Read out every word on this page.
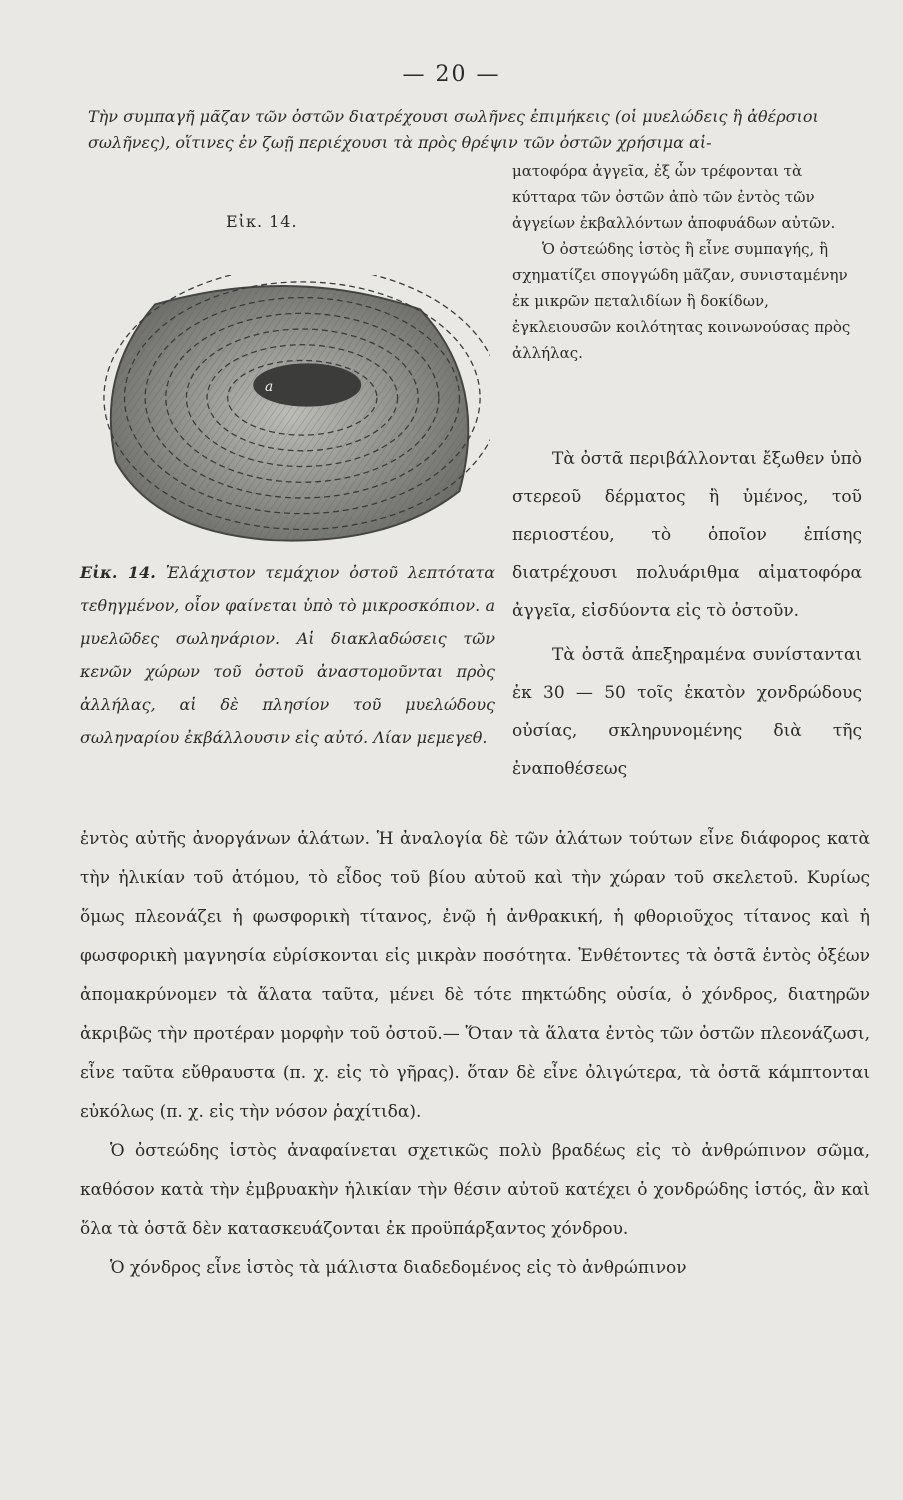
— 20 —
Τὴν συμπαγῆ μᾶζαν τῶν ὀστῶν διατρέχουσι σωλῆνες ἐπιμήκεις (οἱ μυελώδεις ἢ ἀθέρσιοι σωλῆνες), οἵτινες ἐν ζωῇ περιέχουσι τὰ πρὸς θρέψιν τῶν ὀστῶν χρήσιμα αἱ-
Εἰκ. 14.

ματοφόρα ἀγγεῖα, ἐξ ὧν τρέφονται τὰ κύτταρα τῶν ὀστῶν ἀπὸ τῶν ἐντὸς τῶν ἀγγείων ἐκβαλλόντων ἀποφυάδων αὐτῶν.

Ὁ ὀστεώδης ἱστὸς ἢ εἶνε συμπαγής, ἢ σχηματίζει σπογγώδη μᾶζαν, συνισταμένην ἐκ μικρῶν πεταλιδίων ἢ δοκίδων, ἐγκλειουσῶν κοιλότητας κοινωνούσας πρὸς ἀλλήλας.

a
Εἰκ. 14. Ἐλάχιστον τεμάχιον ὀστοῦ λεπτότατα τεθηγμένον, οἷον φαίνεται ὑπὸ τὸ μικροσκόπιον. a μυελῶδες σωληνάριον. Αἱ διακλαδώσεις τῶν κενῶν χώρων τοῦ ὀστοῦ ἀναστομοῦνται πρὸς ἀλλήλας, αἱ δὲ πλησίον τοῦ μυελώδους σωληναρίου ἐκβάλλουσιν εἰς αὐτό. Λίαν μεμεγεθ.

Τὰ ὀστᾶ περιβάλλονται ἔξωθεν ὑπὸ στερεοῦ δέρματος ἢ ὑμένος, τοῦ περιοστέου, τὸ ὁποῖον ἐπίσης διατρέχουσι πολυάριθμα αἱματοφόρα ἀγγεῖα, εἰσδύοντα εἰς τὸ ὀστοῦν.

Τὰ ὀστᾶ ἀπεξηραμένα συνίστανται ἐκ 30 — 50 τοῖς ἑκατὸν χονδρώδους οὐσίας, σκληρυνομένης διὰ τῆς ἐναποθέσεως

ἐντὸς αὐτῆς ἀνοργάνων ἁλάτων. Ἡ ἀναλογία δὲ τῶν ἁλάτων τούτων εἶνε διάφορος κατὰ τὴν ἡλικίαν τοῦ ἀτόμου, τὸ εἶδος τοῦ βίου αὐτοῦ καὶ τὴν χώραν τοῦ σκελετοῦ. Κυρίως ὅμως πλεονάζει ἡ φωσφορικὴ τίτανος, ἐνῷ ἡ ἀνθρακική, ἡ φθοριοῦχος τίτανος καὶ ἡ φωσφορικὴ μαγνησία εὑρίσκονται εἰς μικρὰν ποσότητα. Ἐνθέτοντες τὰ ὀστᾶ ἐντὸς ὀξέων ἀπομακρύνομεν τὰ ἅλατα ταῦτα, μένει δὲ τότε πηκτώδης οὐσία, ὁ χόνδρος, διατηρῶν ἀκριβῶς τὴν προτέραν μορφὴν τοῦ ὀστοῦ.— Ὅταν τὰ ἅλατα ἐντὸς τῶν ὀστῶν πλεονάζωσι, εἶνε ταῦτα εὔθραυστα (π. χ. εἰς τὸ γῆρας). ὅταν δὲ εἶνε ὀλιγώτερα, τὰ ὀστᾶ κάμπτονται εὐκόλως (π. χ. εἰς τὴν νόσον ῥαχίτιδα).

Ὁ ὀστεώδης ἱστὸς ἀναφαίνεται σχετικῶς πολὺ βραδέως εἰς τὸ ἀνθρώπινον σῶμα, καθόσον κατὰ τὴν ἐμβρυακὴν ἡλικίαν τὴν θέσιν αὐτοῦ κατέχει ὁ χονδρώδης ἱστός, ἂν καὶ ὅλα τὰ ὀστᾶ δὲν κατασκευάζονται ἐκ προϋπάρξαντος χόνδρου.

Ὁ χόνδρος εἶνε ἱστὸς τὰ μάλιστα διαδεδομένος εἰς τὸ ἀνθρώπινον
